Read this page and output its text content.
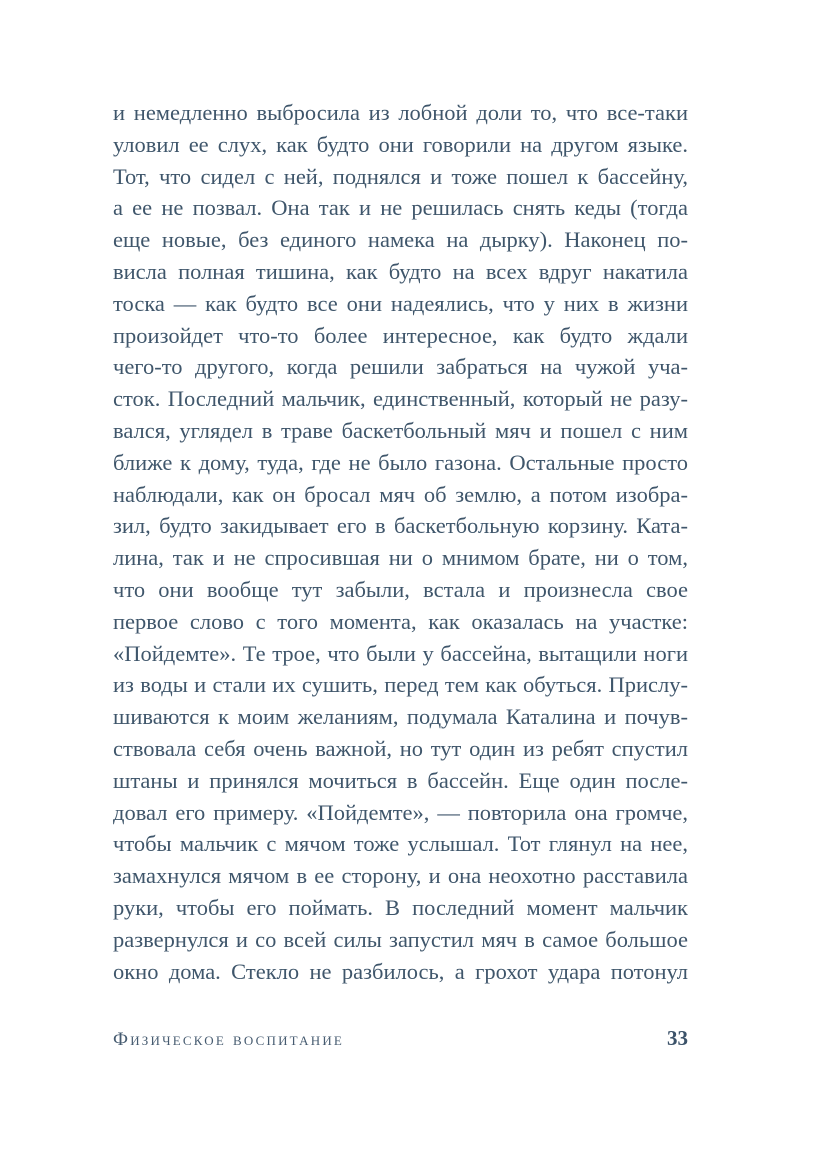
и немедленно выбросила из лобной доли то, что все-таки
уловил ее слух, как будто они говорили на другом языке.
Тот, что сидел с ней, поднялся и тоже пошел к бассейну,
а ее не позвал. Она так и не решилась снять кеды (тогда
еще новые, без единого намека на дырку). Наконец по-
висла полная тишина, как будто на всех вдруг накатила
тоска — как будто все они надеялись, что у них в жизни
произойдет что-то более интересное, как будто ждали
чего-то другого, когда решили забраться на чужой уча-
сток. Последний мальчик, единственный, который не разу-
вался, углядел в траве баскетбольный мяч и пошел с ним
ближе к дому, туда, где не было газона. Остальные просто
наблюдали, как он бросал мяч об землю, а потом изобра-
зил, будто закидывает его в баскетбольную корзину. Ката-
лина, так и не спросившая ни о мнимом брате, ни о том,
что они вообще тут забыли, встала и произнесла свое
первое слово с того момента, как оказалась на участке:
«Пойдемте». Те трое, что были у бассейна, вытащили ноги
из воды и стали их сушить, перед тем как обуться. Прислу-
шиваются к моим желаниям, подумала Каталина и почув-
ствовала себя очень важной, но тут один из ребят спустил
штаны и принялся мочиться в бассейн. Еще один после-
довал его примеру. «Пойдемте», — повторила она громче,
чтобы мальчик с мячом тоже услышал. Тот глянул на нее,
замахнулся мячом в ее сторону, и она неохотно расставила
руки, чтобы его поймать. В последний момент мальчик
развернулся и со всей силы запустил мяч в самое большое
окно дома. Стекло не разбилось, а грохот удара потонул
Физическое воспитание	33
